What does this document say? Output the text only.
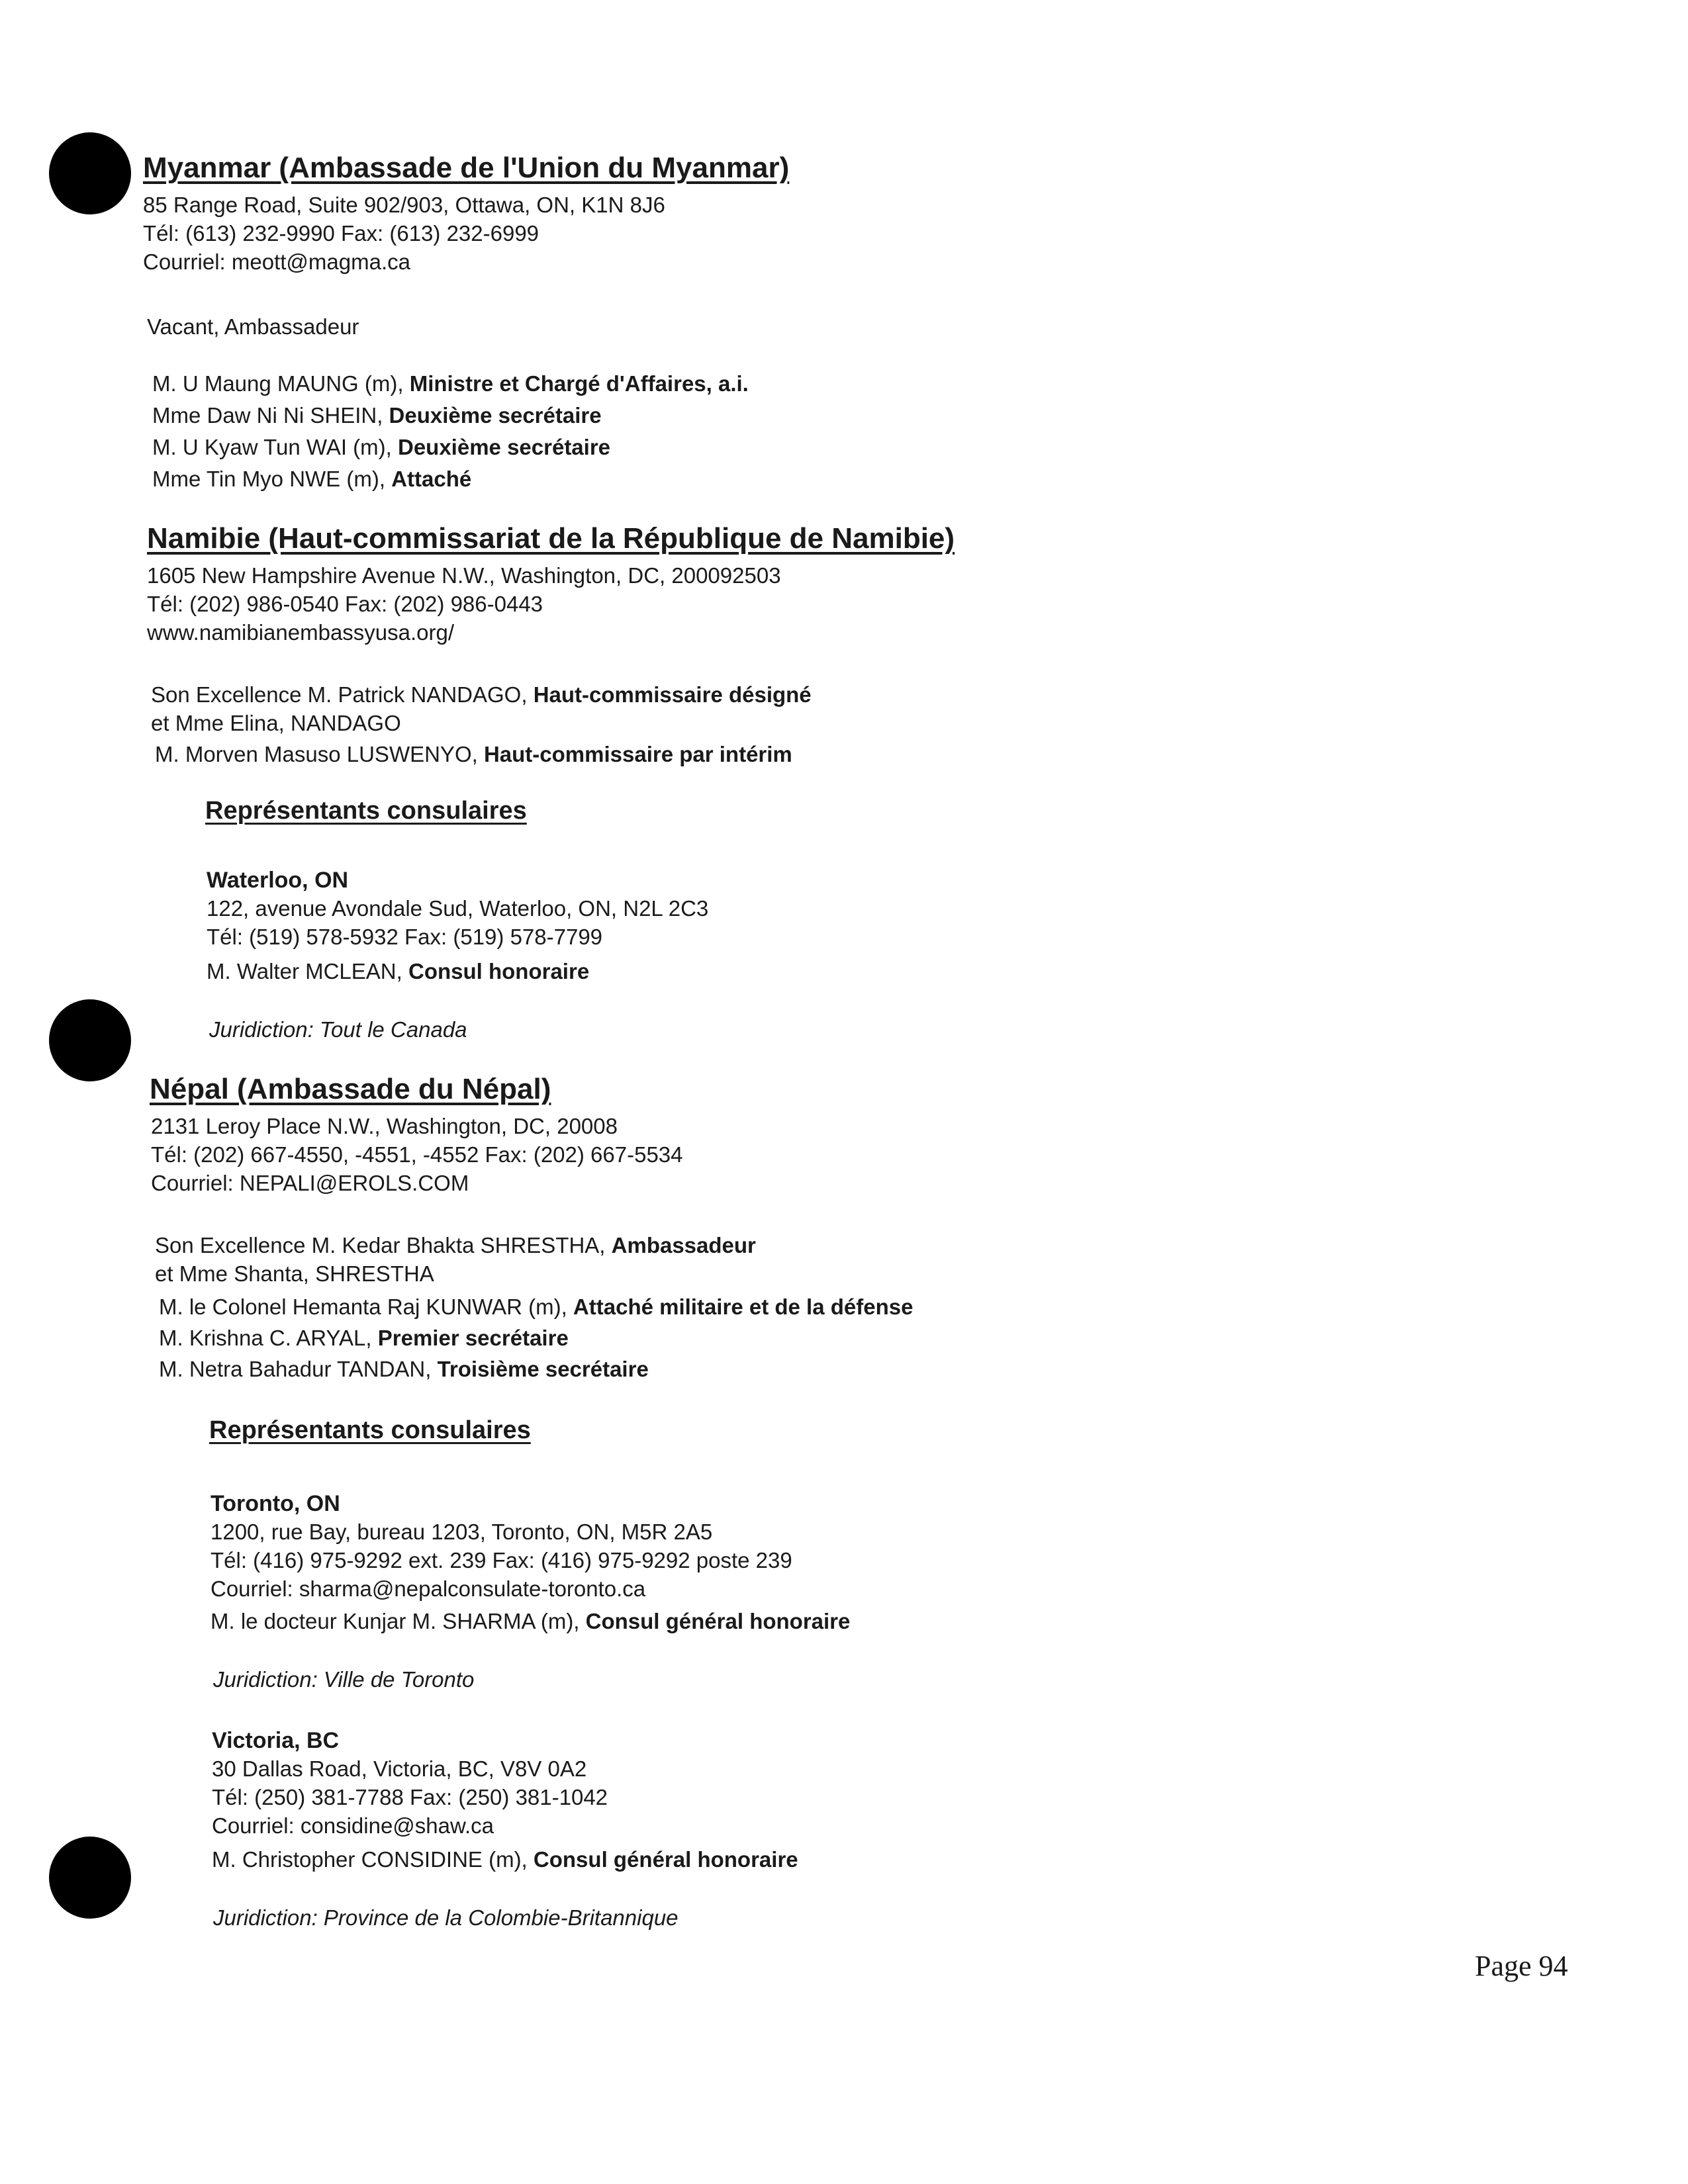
Myanmar (Ambassade de l'Union du Myanmar)
85 Range Road, Suite 902/903, Ottawa, ON, K1N 8J6
Tél: (613) 232-9990 Fax: (613) 232-6999
Courriel: meott@magma.ca
Vacant, Ambassadeur
M. U Maung MAUNG (m), Ministre et Chargé d'Affaires, a.i.
Mme Daw Ni Ni SHEIN, Deuxième secrétaire
M. U Kyaw Tun WAI (m), Deuxième secrétaire
Mme Tin Myo NWE (m), Attaché
Namibie (Haut-commissariat de la République de Namibie)
1605 New Hampshire Avenue N.W., Washington, DC, 200092503
Tél: (202) 986-0540 Fax: (202) 986-0443
www.namibianembassyusa.org/
Son Excellence M. Patrick NANDAGO, Haut-commissaire désigné
et Mme Elina, NANDAGO
M. Morven Masuso LUSWENYO, Haut-commissaire par intérim
Représentants consulaires
Waterloo, ON
122, avenue Avondale Sud, Waterloo, ON, N2L 2C3
Tél: (519) 578-5932 Fax: (519) 578-7799
M. Walter MCLEAN, Consul honoraire
Juridiction: Tout le Canada
Népal (Ambassade du Népal)
2131 Leroy Place N.W., Washington, DC, 20008
Tél: (202) 667-4550, -4551, -4552 Fax: (202) 667-5534
Courriel: NEPALI@EROLS.COM
Son Excellence M. Kedar Bhakta SHRESTHA, Ambassadeur
et Mme Shanta, SHRESTHA
M. le Colonel Hemanta Raj KUNWAR (m), Attaché militaire et de la défense
M. Krishna C. ARYAL, Premier secrétaire
M. Netra Bahadur TANDAN, Troisième secrétaire
Représentants consulaires
Toronto, ON
1200, rue Bay, bureau 1203, Toronto, ON, M5R 2A5
Tél: (416) 975-9292 ext. 239 Fax: (416) 975-9292 poste 239
Courriel: sharma@nepalconsulate-toronto.ca
M. le docteur Kunjar M. SHARMA (m), Consul général honoraire
Juridiction: Ville de Toronto
Victoria, BC
30 Dallas Road, Victoria, BC, V8V 0A2
Tél: (250) 381-7788 Fax: (250) 381-1042
Courriel: considine@shaw.ca
M. Christopher CONSIDINE (m), Consul général honoraire
Juridiction: Province de la Colombie-Britannique
Page 94
